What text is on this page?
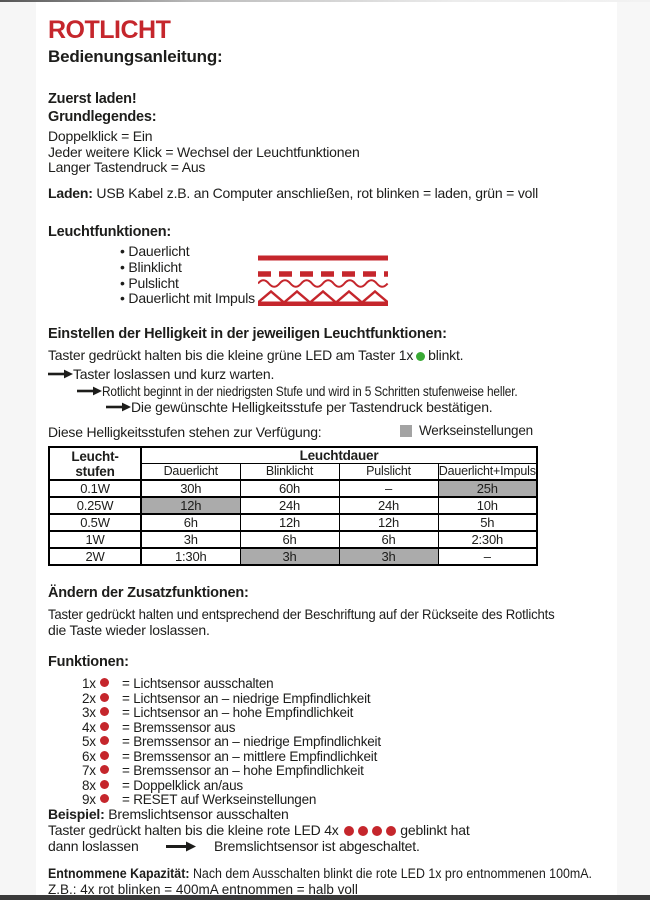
ROTLICHT
Bedienungsanleitung:
Zuerst laden!
Grundlegendes:
Doppelklick = Ein
Jeder weitere Klick = Wechsel der Leuchtfunktionen
Langer Tastendruck = Aus
Laden: USB Kabel z.B. an Computer anschließen, rot blinken = laden, grün = voll
Leuchtfunktionen:
• Dauerlicht
• Blinklicht
• Pulslicht
• Dauerlicht mit Impuls
Einstellen der Helligkeit in der jeweiligen Leuchtfunktionen:
Taster gedrückt halten bis die kleine grüne LED am Taster 1x blinkt.
Taster loslassen und kurz warten.
Rotlicht beginnt in der niedrigsten Stufe und wird in 5 Schritten stufenweise heller.
Die gewünschte Helligkeitsstufe per Tastendruck bestätigen.
Diese Helligkeitsstufen stehen zur Verfügung:	Werkseinstellungen
Leucht-
stufen	Leuchtdauer			
	Dauerlicht	Blinklicht	Pulslicht	Dauerlicht+Impuls
0.1W	30h	60h	–	25h
0.25W	12h	24h	24h	10h
0.5W	6h	12h	12h	5h
1W	3h	6h	6h	2:30h
2W	1:30h	3h	3h	–
Ändern der Zusatzfunktionen:
Taster gedrückt halten und entsprechend der Beschriftung auf der Rückseite des Rotlichts
die Taste wieder loslassen.
Funktionen:
1x = Lichtsensor ausschalten
2x = Lichtsensor an – niedrige Empfindlichkeit
3x = Lichtsensor an – hohe Empfindlichkeit
4x = Bremssensor aus
5x = Bremssensor an – niedrige Empfindlichkeit
6x = Bremssensor an – mittlere Empfindlichkeit
7x = Bremssensor an – hohe Empfindlichkeit
8x = Doppelklick an/aus
9x = RESET auf Werkseinstellungen
Beispiel: Bremslichtsensor ausschalten
Taster gedrückt halten bis die kleine rote LED 4x	geblinkt hat
dann loslassen	Bremslichtsensor ist abgeschaltet.
Entnommene Kapazität: Nach dem Ausschalten blinkt die rote LED 1x pro entnommenen 100mA.
Z.B.: 4x rot blinken = 400mA entnommen = halb voll
